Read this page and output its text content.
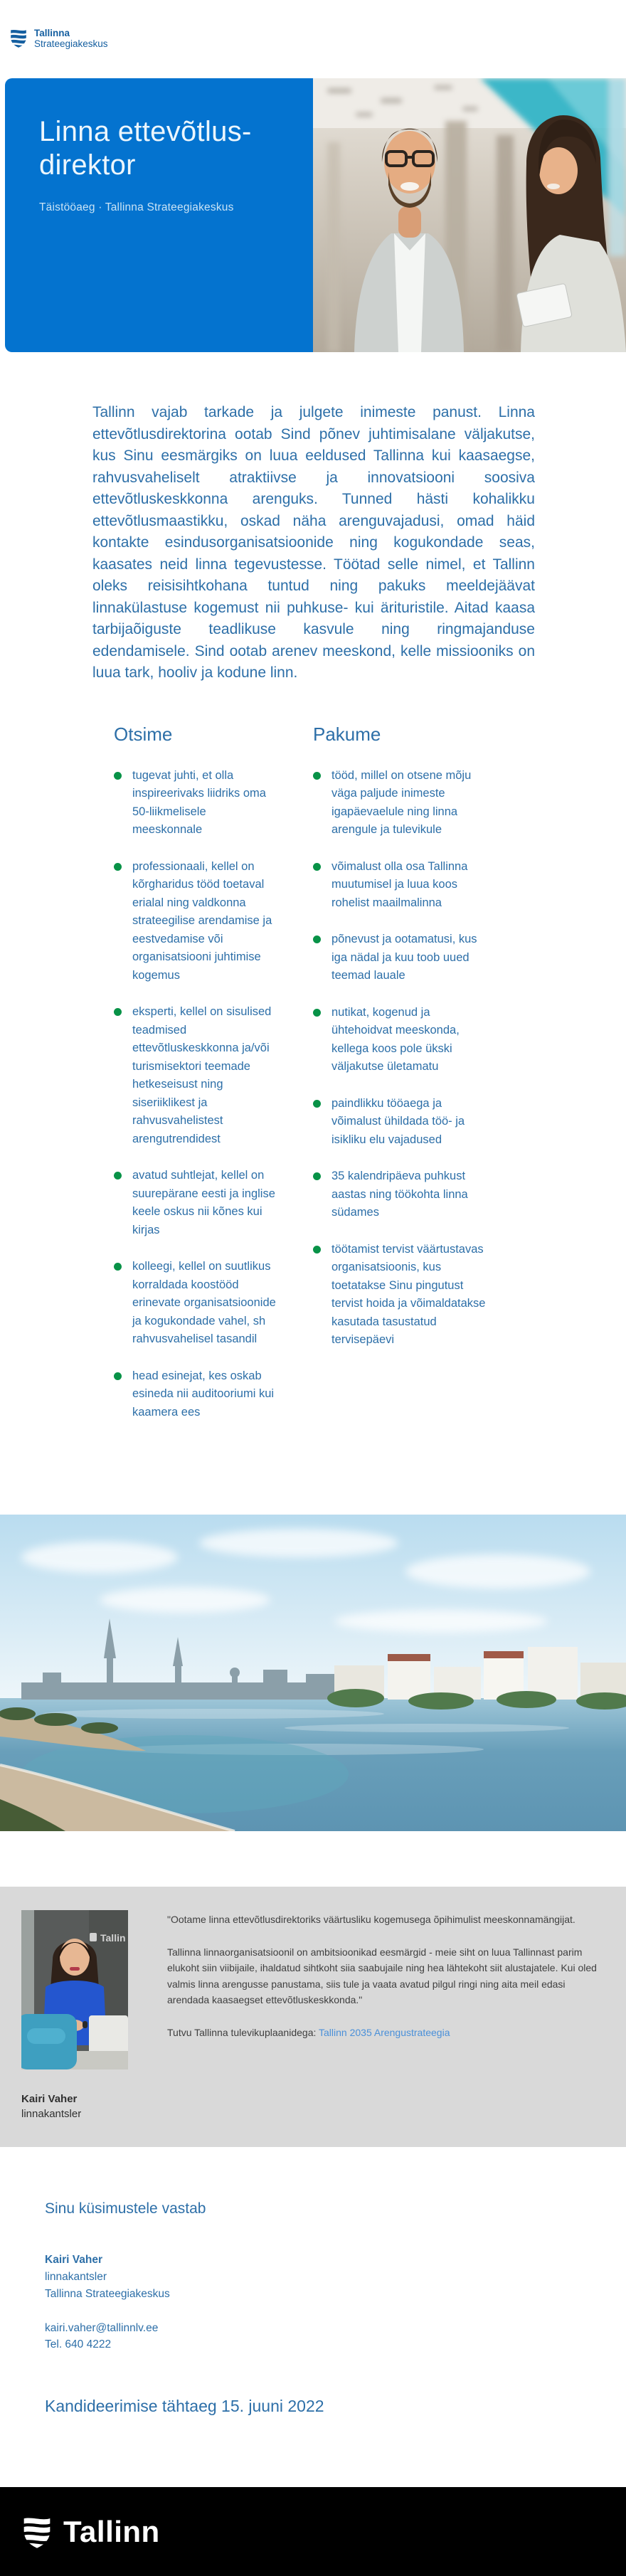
Tallinna
Strateegiakeskus
Linna ettevõtlus-
direktor
Täistööaeg · Tallinna Strateegiakeskus

Tallinn vajab tarkade ja julgete inimeste panust. Linna ettevõtlusdirektorina ootab Sind põnev juhtimisalane väljakutse, kus Sinu eesmärgiks on luua eeldused Tallinna kui kaasaegse, rahvusvaheliselt atraktiivse ja innovatsiooni soosiva ettevõtluskeskkonna arenguks. Tunned hästi kohalikku ettevõtlusmaastikku, oskad näha arenguvajadusi, omad häid kontakte esindusorganisatsioonide ning kogukondade seas, kaasates neid linna tegevustesse. Töötad selle nimel, et Tallinn oleks reisisihtkohana tuntud ning pakuks meeldejäävat linnakülastuse kogemust nii puhkuse- kui ärituristile. Aitad kaasa tarbijaõiguste teadlikuse kasvule ning ringmajanduse edendamisele. Sind ootab arenev meeskond, kelle missiooniks on luua tark, hooliv ja kodune linn.

Otsime
tugevat juhti, et olla inspireerivaks liidriks oma 50-liikmelisele meeskonnale
professionaali, kellel on kõrgharidus tööd toetaval erialal ning valdkonna strateegilise arendamise ja eestvedamise või organisatsiooni juhtimise kogemus
eksperti, kellel on sisulised teadmised ettevõtluskeskkonna ja/või turismisektori teemade hetkeseisust ning siseriiklikest ja rahvusvahelistest arengutrendidest
avatud suhtlejat, kellel on suurepärane eesti ja inglise keele oskus nii kõnes kui kirjas
kolleegi, kellel on suutlikus korraldada koostööd erinevate organisatsioonide ja kogukondade vahel, sh rahvusvahelisel tasandil
head esinejat, kes oskab esineda nii auditooriumi kui kaamera ees
Pakume
tööd, millel on otsene mõju väga paljude inimeste igapäevaelule ning linna arengule ja tulevikule
võimalust olla osa Tallinna muutumisel ja luua koos rohelist maailmalinna
põnevust ja ootamatusi, kus iga nädal ja kuu toob uued teemad lauale
nutikat, kogenud ja ühtehoidvat meeskonda, kellega koos pole ükski väljakutse ületamatu
paindlikku tööaega ja võimalust ühildada töö- ja isikliku elu vajadused
35 kalendripäeva puhkust aastas ning töökohta linna südames
töötamist tervist väärtustavas organisatsioonis, kus toetatakse Sinu pingutust tervist hoida ja võimaldatakse kasutada tasustatud tervisepäevi
Tallin
Kairi Vaher
linnakantsler

"Ootame linna ettevõtlusdirektoriks väärtusliku kogemusega õpihimulist meeskonnamängijat.

Tallinna linnaorganisatsioonil on ambitsioonikad eesmärgid - meie siht on luua Tallinnast parim elukoht siin viibijaile, ihaldatud sihtkoht siia saabujaile ning hea lähtekoht siit alustajatele. Kui oled valmis linna arengusse panustama, siis tule ja vaata avatud pilgul ringi ning aita meil edasi arendada kaasaegset ettevõtluskeskkonda."

Tutvu Tallinna tulevikuplaanidega: Tallinn 2035 Arengustrateegia

Sinu küsimustele vastab
Kairi Vaher
linnakantsler
Tallinna Strateegiakeskus
kairi.vaher@tallinnlv.ee
Tel. 640 4222
Kandideerimise tähtaeg 15. juuni 2022
Tallinn
